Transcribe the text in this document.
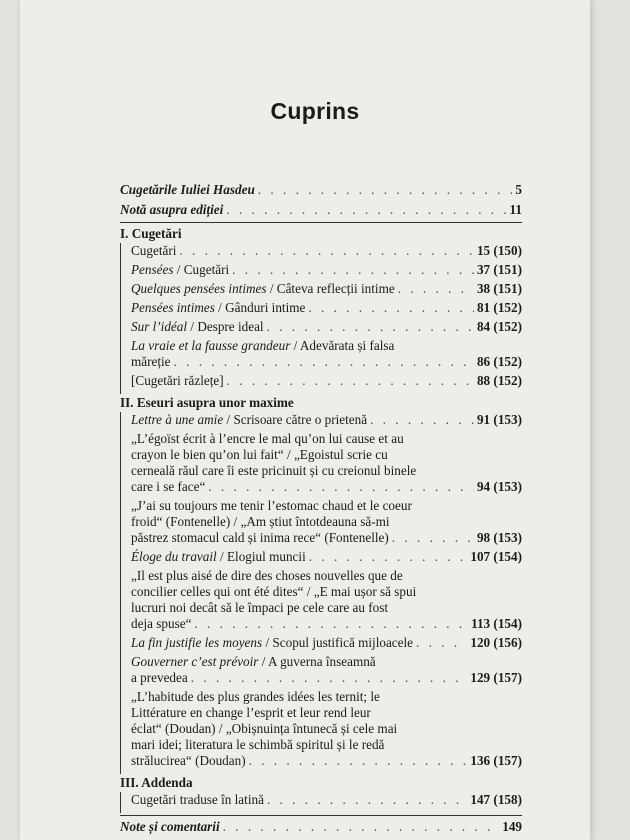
Cuprins
Cugetările Iuliei Hasdeu . . .	5
Notă asupra ediției . . .	11
I. Cugetări
Cugetări . . .	15 (150)
Pensées / Cugetări . . .	37 (151)
Quelques pensées intimes / Câteva reflecții intime . . .	38 (151)
Pensées intimes / Gânduri intime . . .	81 (152)
Sur l’idéal / Despre ideal . . .	84 (152)
La vraie et la fausse grandeur / Adevărata și falsa
măreție . . .	86 (152)
[Cugetări răzlețe] . . .	88 (152)
II. Eseuri asupra unor maxime
Lettre à une amie / Scrisoare către o prietenă . . .	91 (153)
„L’égoïst écrit à l’encre le mal qu’on lui cause et au
crayon le bien qu’on lui fait“ / „Egoistul scrie cu
cerneală răul care îi este pricinuit și cu creionul binele
care i se face“ . . .	94 (153)
„J’ai su toujours me tenir l’estomac chaud et le coeur
froid“ (Fontenelle) / „Am știut întotdeauna să-mi
păstrez stomacul cald și inima rece“ (Fontenelle) . . .	98 (153)
Éloge du travail / Elogiul muncii . . .	107 (154)
„Il est plus aisé de dire des choses nouvelles que de
concilier celles qui ont été dites“ / „E mai ușor să spui
lucruri noi decât să le împaci pe cele care au fost
deja spuse“ . . .	113 (154)
La fin justifie les moyens / Scopul justifică mijloacele . . .	120 (156)
Gouverner c’est prévoir / A guverna înseamnă
a prevedea . . .	129 (157)
„L’habitude des plus grandes idées les ternit; le
Littérature en change l’esprit et leur rend leur
éclat“ (Doudan) / „Obișnuința întunecă și cele mai
mari idei; literatura le schimbă spiritul și le redă
strălucirea“ (Doudan) . . .	136 (157)
III. Addenda
Cugetări traduse în latină . . .	147 (158)
Note și comentarii . . .	149
